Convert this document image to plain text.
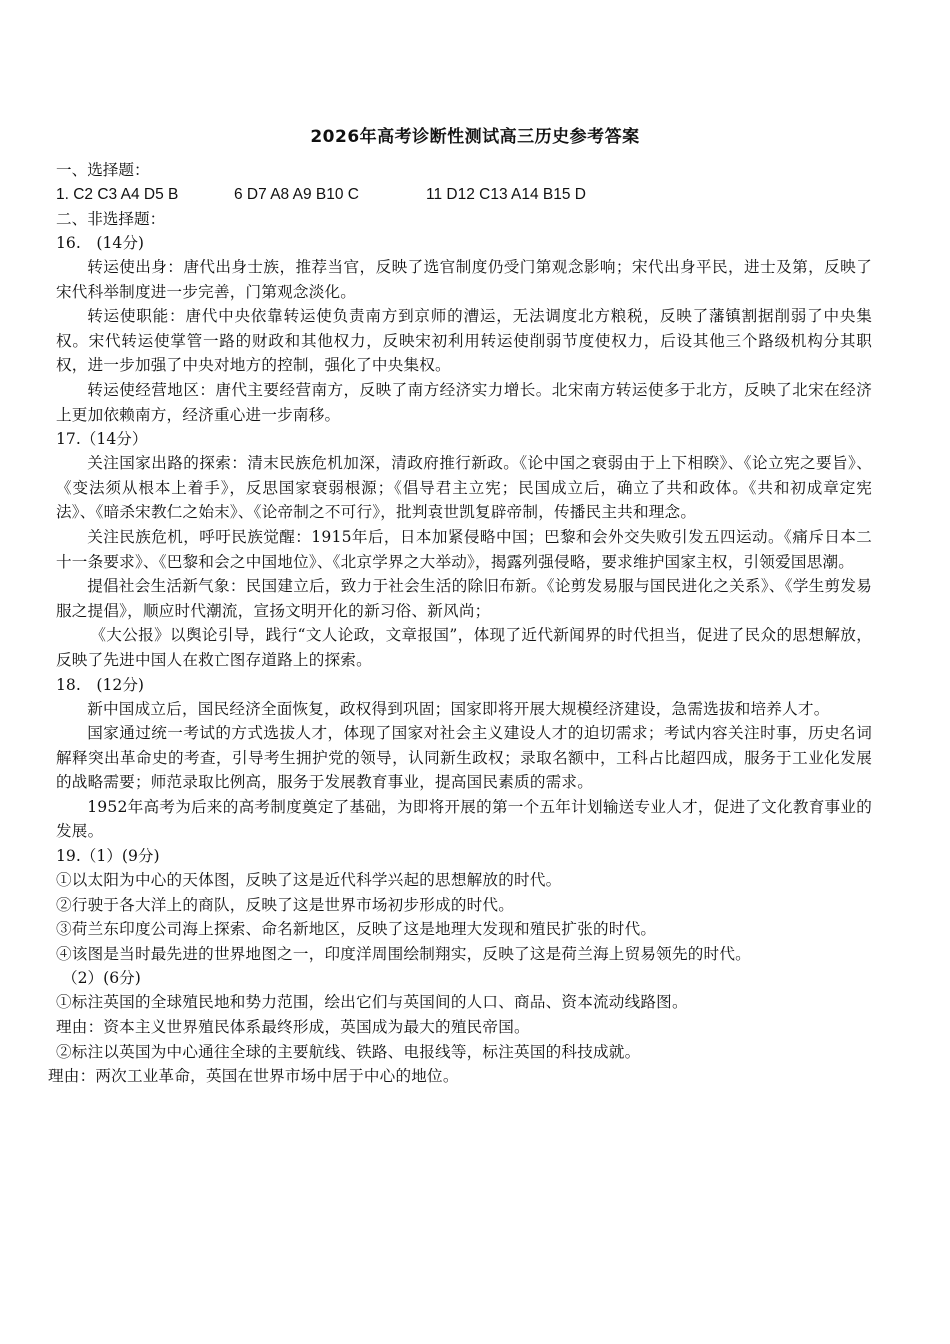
2026年高考诊断性测试高三历史参考答案
一、选择题：
1. C2 C3 A4 D5 B	6 D7 A8 A9 B10 C	11 D12 C13 A14 B15 D
二、非选择题：
16.　(14分)
转运使出身：唐代出身士族，推荐当官，反映了选官制度仍受门第观念影响；宋代出身平民，进士及第，反映了宋代科举制度进一步完善，门第观念淡化。
转运使职能：唐代中央依靠转运使负责南方到京师的漕运，无法调度北方粮税，反映了藩镇割据削弱了中央集权。宋代转运使掌管一路的财政和其他权力，反映宋初利用转运使削弱节度使权力，后设其他三个路级机构分其职权，进一步加强了中央对地方的控制，强化了中央集权。
转运使经营地区：唐代主要经营南方，反映了南方经济实力增长。北宋南方转运使多于北方，反映了北宋在经济上更加依赖南方，经济重心进一步南移。
17.（14分）
关注国家出路的探索：清末民族危机加深，清政府推行新政。《论中国之衰弱由于上下相睽》、《论立宪之要旨》、《变法须从根本上着手》，反思国家衰弱根源；《倡导君主立宪；民国成立后，确立了共和政体。《共和初成章定宪法》、《暗杀宋教仁之始末》、《论帝制之不可行》，批判袁世凯复辟帝制，传播民主共和理念。
关注民族危机，呼吁民族觉醒：1915年后，日本加紧侵略中国；巴黎和会外交失败引发五四运动。《痛斥日本二十一条要求》、《巴黎和会之中国地位》、《北京学界之大举动》，揭露列强侵略，要求维护国家主权，引领爱国思潮。
提倡社会生活新气象：民国建立后，致力于社会生活的除旧布新。《论剪发易服与国民进化之关系》、《学生剪发易服之提倡》，顺应时代潮流，宣扬文明开化的新习俗、新风尚；
《大公报》以舆论引导，践行“文人论政，文章报国”，体现了近代新闻界的时代担当，促进了民众的思想解放，反映了先进中国人在救亡图存道路上的探索。
18.　(12分)
新中国成立后，国民经济全面恢复，政权得到巩固；国家即将开展大规模经济建设，急需选拔和培养人才。
国家通过统一考试的方式选拔人才，体现了国家对社会主义建设人才的迫切需求；考试内容关注时事，历史名词解释突出革命史的考查，引导考生拥护党的领导，认同新生政权；录取名额中，工科占比超四成，服务于工业化发展的战略需要；师范录取比例高，服务于发展教育事业，提高国民素质的需求。
1952年高考为后来的高考制度奠定了基础，为即将开展的第一个五年计划输送专业人才，促进了文化教育事业的发展。
19.（1）(9分)
①以太阳为中心的天体图，反映了这是近代科学兴起的思想解放的时代。
②行驶于各大洋上的商队，反映了这是世界市场初步形成的时代。
③荷兰东印度公司海上探索、命名新地区，反映了这是地理大发现和殖民扩张的时代。
④该图是当时最先进的世界地图之一，印度洋周围绘制翔实，反映了这是荷兰海上贸易领先的时代。
（2）(6分)
①标注英国的全球殖民地和势力范围，绘出它们与英国间的人口、商品、资本流动线路图。
理由：资本主义世界殖民体系最终形成，英国成为最大的殖民帝国。
②标注以英国为中心通往全球的主要航线、铁路、电报线等，标注英国的科技成就。
理由：两次工业革命，英国在世界市场中居于中心的地位。
